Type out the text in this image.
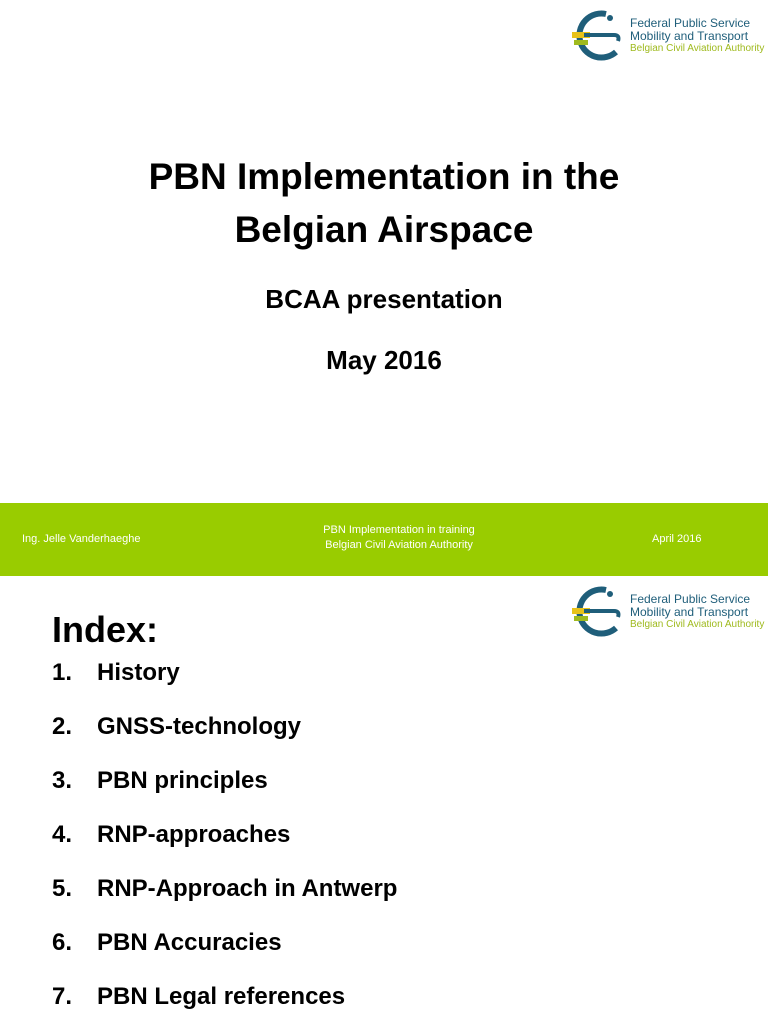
Federal Public Service
Mobility and Transport
Belgian Civil Aviation Authority
PBN Implementation in the
Belgian Airspace
BCAA presentation
May 2016
Ing. Jelle Vanderhaeghe
PBN Implementation in training
Belgian Civil Aviation Authority	April 2016
Federal Public Service
Mobility and Transport
Belgian Civil Aviation Authority
Index:
1.	History
2.	GNSS-technology
3.	PBN principles
4.	RNP-approaches
5.	RNP-Approach in Antwerp
6.	PBN Accuracies
7.	PBN Legal references
